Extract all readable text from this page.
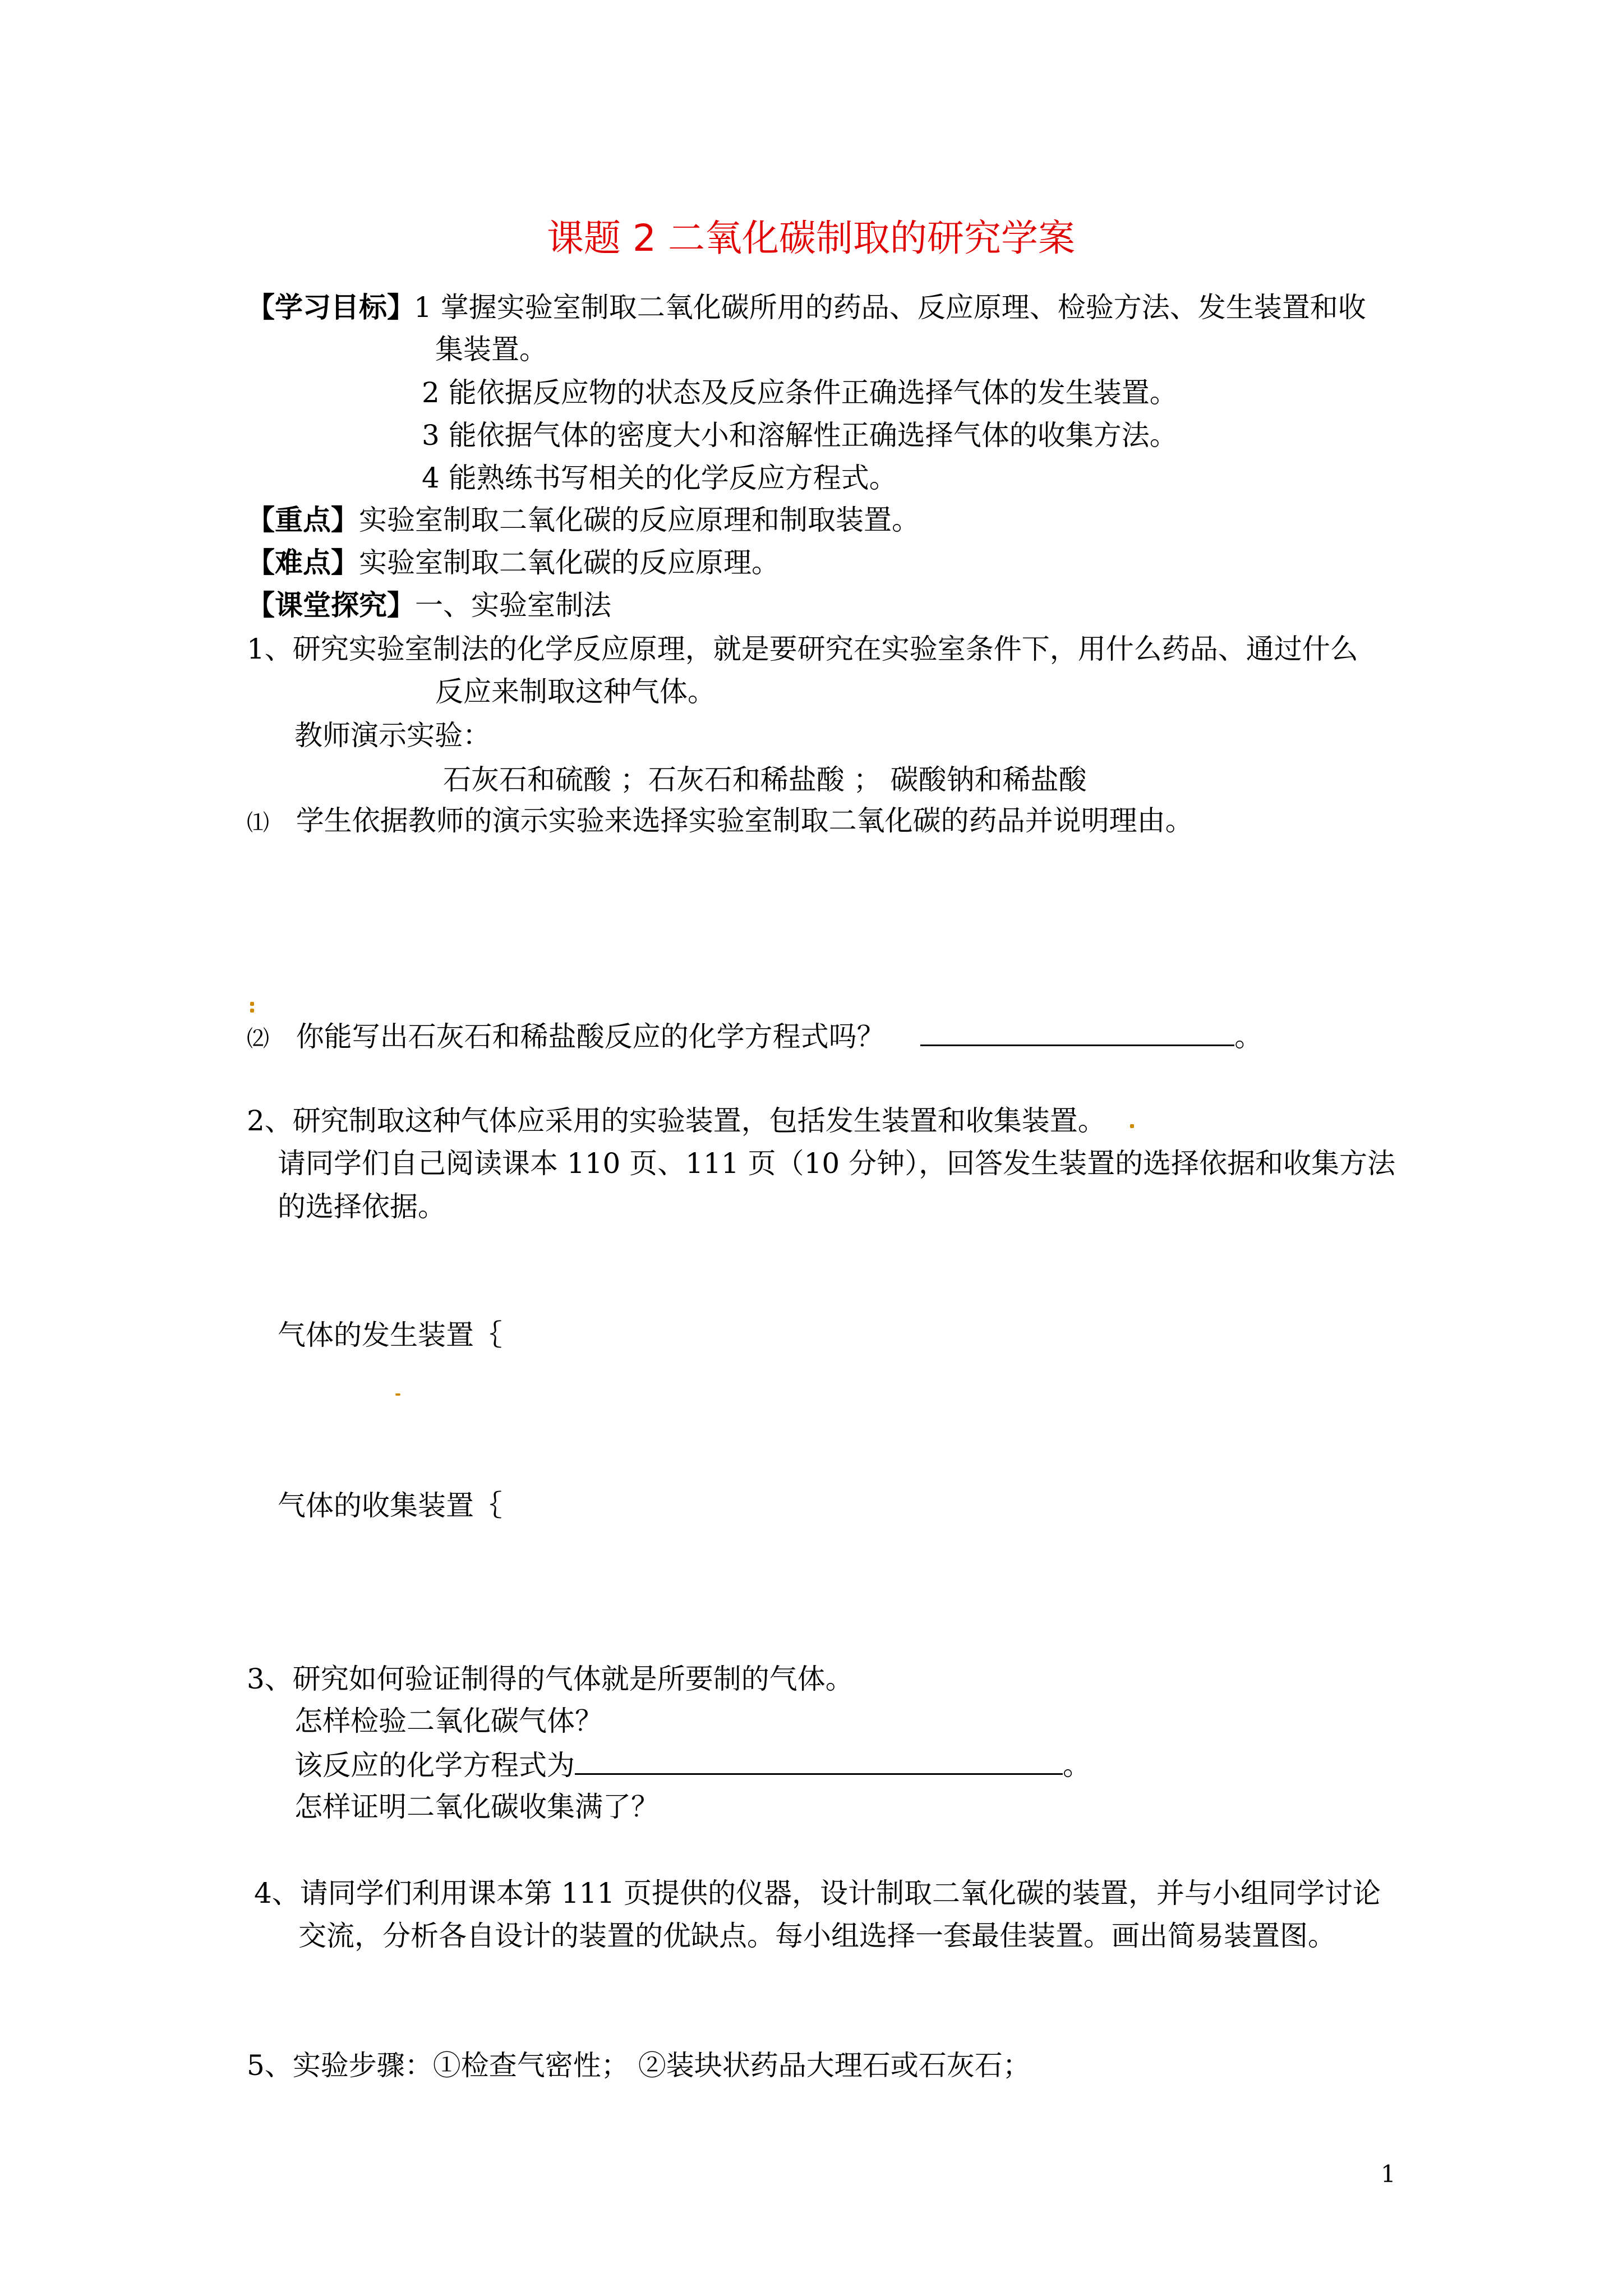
课题 2 二氧化碳制取的研究学案
【学习目标】
1 掌握实验室制取二氧化碳所用的药品、反应原理、检验方法、发生装置和收
集装置。
2 能依据反应物的状态及反应条件正确选择气体的发生装置。
3 能依据气体的密度大小和溶解性正确选择气体的收集方法。
4 能熟练书写相关的化学反应方程式。
【重点】实验室制取二氧化碳的反应原理和制取装置。
【难点】实验室制取二氧化碳的反应原理。
【课堂探究】一、实验室制法
1、研究实验室制法的化学反应原理，就是要研究在实验室条件下，用什么药品、通过什么
反应来制取这种气体。
教师演示实验：
石灰石和硫酸 ；石灰石和稀盐酸 ； 碳酸钠和稀盐酸
⑴ 学生依据教师的演示实验来选择实验室制取二氧化碳的药品并说明理由。
⑵ 你能写出石灰石和稀盐酸反应的化学方程式吗？	。
2、研究制取这种气体应采用的实验装置，包括发生装置和收集装置。
请同学们自己阅读课本 110 页、111 页（10 分钟），回答发生装置的选择依据和收集方法
的选择依据。
气体的发生装置｛
气体的收集装置｛
3、研究如何验证制得的气体就是所要制的气体。
怎样检验二氧化碳气体？
该反应的化学方程式为	。
怎样证明二氧化碳收集满了？
4、请同学们利用课本第 111 页提供的仪器，设计制取二氧化碳的装置，并与小组同学讨论
交流，分析各自设计的装置的优缺点。每小组选择一套最佳装置。画出简易装置图。
5、实验步骤：①检查气密性； ②装块状药品大理石或石灰石；
1
